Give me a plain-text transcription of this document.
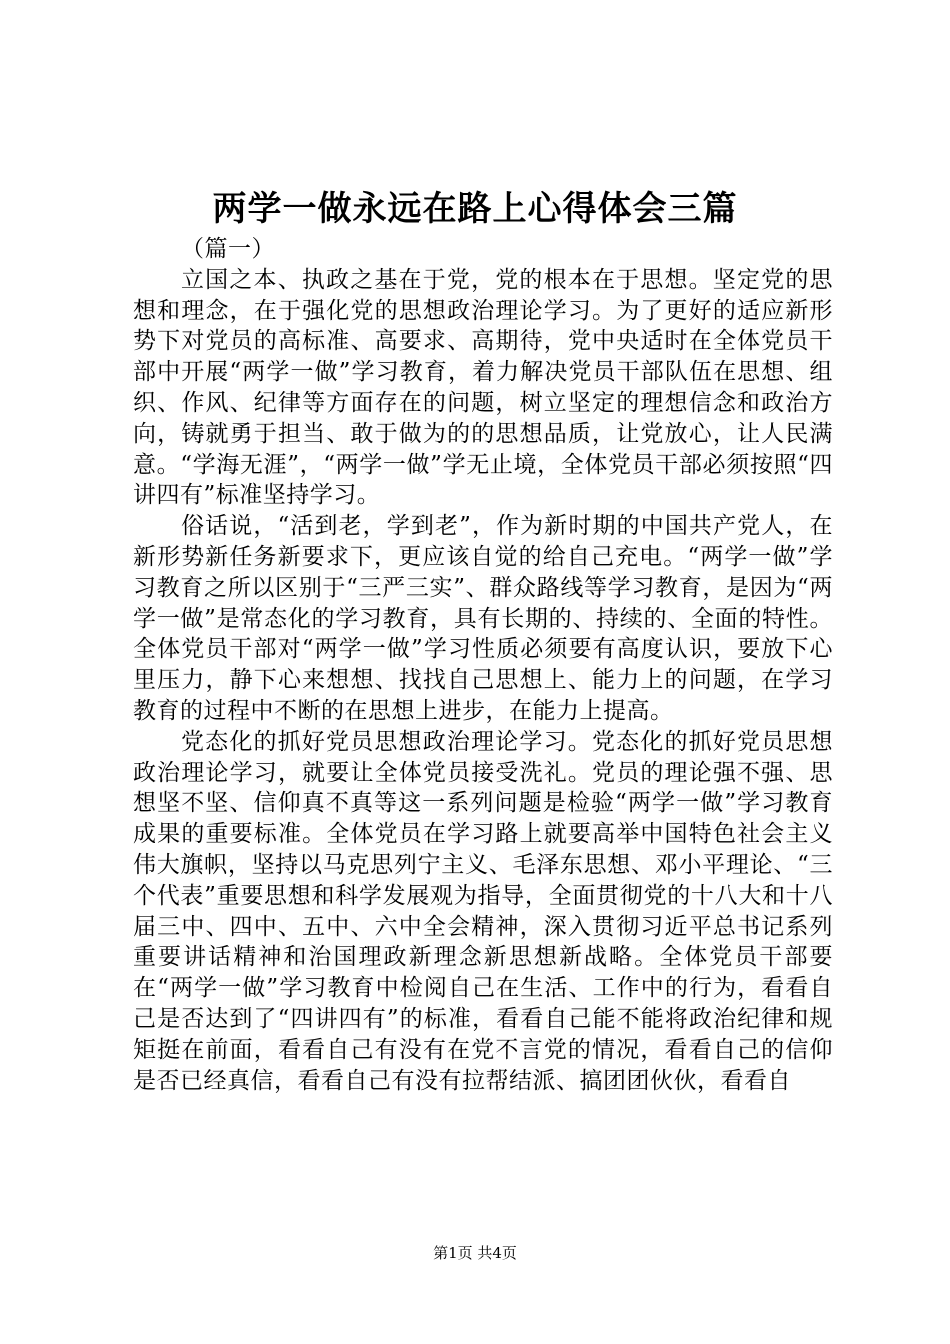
两学一做永远在路上心得体会三篇

（篇一）

立国之本、执政之基在于党，党的根本在于思想。坚定党的思想和理念，在于强化党的思想政治理论学习。为了更好的适应新形势下对党员的高标准、高要求、高期待，党中央适时在全体党员干部中开展“两学一做”学习教育，着力解决党员干部队伍在思想、组织、作风、纪律等方面存在的问题，树立坚定的理想信念和政治方向，铸就勇于担当、敢于做为的的思想品质，让党放心，让人民满意。“学海无涯”，“两学一做”学无止境，全体党员干部必须按照“四讲四有”标准坚持学习。

俗话说，“活到老，学到老”，作为新时期的中国共产党人，在新形势新任务新要求下，更应该自觉的给自己充电。“两学一做”学习教育之所以区别于“三严三实”、群众路线等学习教育，是因为“两学一做”是常态化的学习教育，具有长期的、持续的、全面的特性。全体党员干部对“两学一做”学习性质必须要有高度认识，要放下心里压力，静下心来想想、找找自己思想上、能力上的问题，在学习教育的过程中不断的在思想上进步，在能力上提高。

党态化的抓好党员思想政治理论学习。党态化的抓好党员思想政治理论学习，就要让全体党员接受洗礼。党员的理论强不强、思想坚不坚、信仰真不真等这一系列问题是检验“两学一做”学习教育成果的重要标准。全体党员在学习路上就要高举中国特色社会主义伟大旗帜，坚持以马克思列宁主义、毛泽东思想、邓小平理论、“三个代表”重要思想和科学发展观为指导，全面贯彻党的十八大和十八届三中、四中、五中、六中全会精神，深入贯彻习近平总书记系列重要讲话精神和治国理政新理念新思想新战略。全体党员干部要在“两学一做”学习教育中检阅自己在生活、工作中的行为，看看自己是否达到了“四讲四有”的标准，看看自己能不能将政治纪律和规矩挺在前面，看看自己有没有在党不言党的情况，看看自己的信仰是否已经真信，看看自己有没有拉帮结派、搞团团伙伙，看看自

第1页 共4页
